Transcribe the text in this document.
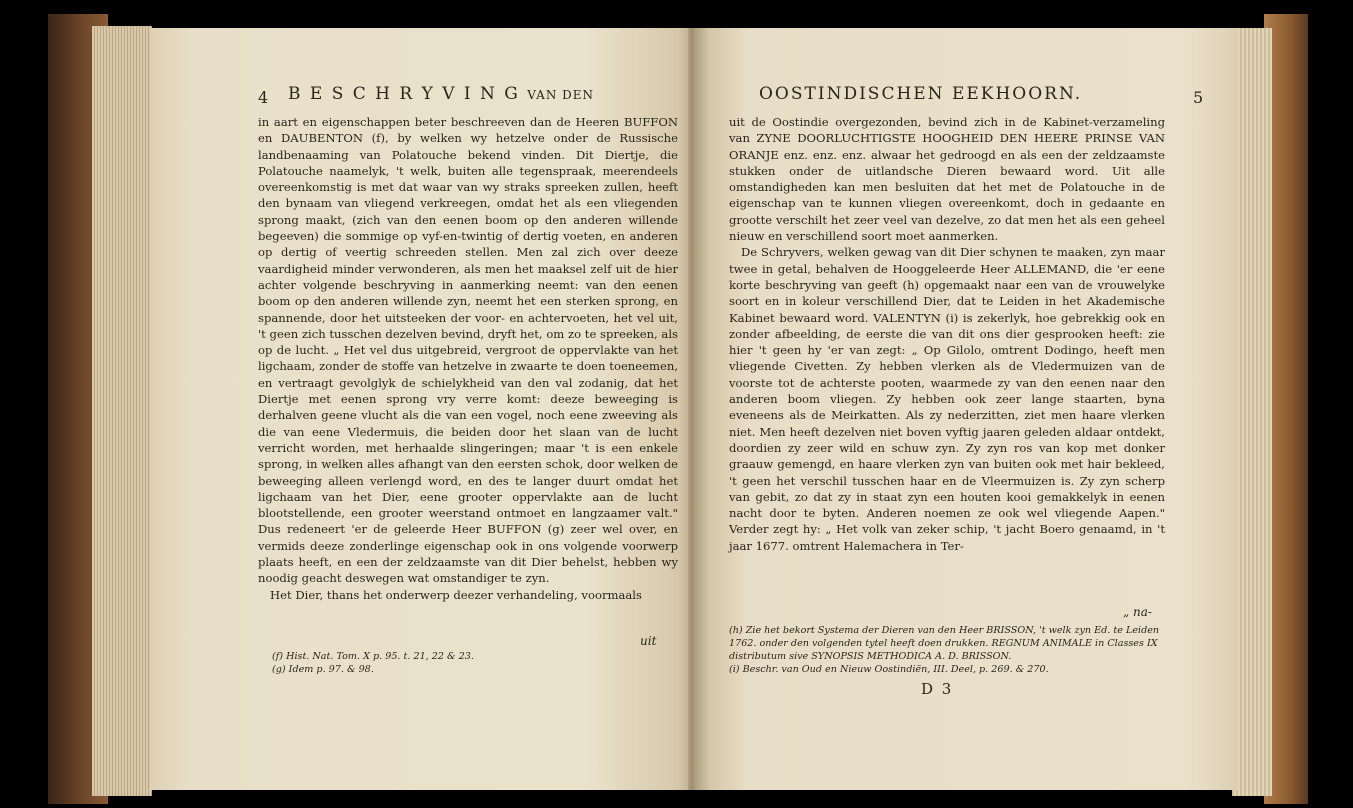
4 B E S C H R Y V I N G VAN DEN

in aart en eigenschappen beter beschreeven dan de Heeren BUFFON en DAUBENTON (f), by welken wy hetzelve onder de Russische landbenaaming van Polatouche bekend vinden. Dit Diertje, die Polatouche naamelyk, 't welk, buiten alle tegenspraak, meerendeels overeenkomstig is met dat waar van wy straks spreeken zullen, heeft den bynaam van vliegend verkreegen, omdat het als een vliegenden sprong maakt, (zich van den eenen boom op den anderen willende begeeven) die sommige op vyf-en-twintig of dertig voeten, en anderen op dertig of veertig schreeden stellen. Men zal zich over deeze vaardigheid minder verwonderen, als men het maaksel zelf uit de hier achter volgende beschryving in aanmerking neemt: van den eenen boom op den anderen willende zyn, neemt het een sterken sprong, en spannende, door het uitsteeken der voor- en achtervoeten, het vel uit, 't geen zich tusschen dezelven bevind, dryft het, om zo te spreeken, als op de lucht. „ Het vel dus uitgebreid, vergroot de oppervlakte van het ligchaam, zonder de stoffe van hetzelve in zwaarte te doen toeneemen, en vertraagt gevolglyk de schielykheid van den val zodanig, dat het Diertje met eenen sprong vry verre komt: deeze beweeging is derhalven geene vlucht als die van een vogel, noch eene zweeving als die van eene Vledermuis, die beiden door het slaan van de lucht verricht worden, met herhaalde slingeringen; maar 't is een enkele sprong, in welken alles afhangt van den eersten schok, door welken de beweeging alleen verlengd word, en des te langer duurt omdat het ligchaam van het Dier, eene grooter oppervlakte aan de lucht blootstellende, een grooter weerstand ontmoet en langzaamer valt." Dus redeneert 'er de geleerde Heer BUFFON (g) zeer wel over, en vermids deeze zonderlinge eigenschap ook in ons volgende voorwerp plaats heeft, en een der zeldzaamste van dit Dier behelst, hebben wy noodig geacht deswegen wat omstandiger te zyn.

Het Dier, thans het onderwerp deezer verhandeling, voormaals

uit
(f) Hist. Nat. Tom. X p. 95. t. 21, 22 & 23.
(g) Idem p. 97. & 98.
OOSTINDISCHEN EEKHOORN.	5

uit de Oostindie overgezonden, bevind zich in de Kabinet-verzameling van ZYNE DOORLUCHTIGSTE HOOGHEID DEN HEERE PRINSE VAN ORANJE enz. enz. enz. alwaar het gedroogd en als een der zeldzaamste stukken onder de uitlandsche Dieren bewaard word. Uit alle omstandigheden kan men besluiten dat het met de Polatouche in de eigenschap van te kunnen vliegen overeenkomt, doch in gedaante en grootte verschilt het zeer veel van dezelve, zo dat men het als een geheel nieuw en verschillend soort moet aanmerken.

De Schryvers, welken gewag van dit Dier schynen te maaken, zyn maar twee in getal, behalven de Hooggeleerde Heer ALLEMAND, die 'er eene korte beschryving van geeft (h) opgemaakt naar een van de vrouwelyke soort en in kolеur verschillend Dier, dat te Leiden in het Akademische Kabinet bewaard word. VALENTYN (i) is zekerlyk, hoe gebrekkig ook en zonder afbeelding, de eerste die van dit ons dier gesprooken heeft: zie hier 't geen hy 'er van zegt: „ Op Gilolo, omtrent Dodingo, heeft men vliegende Civetten. Zy hebben vlerken als de Vledermuizen van de voorste tot de achterste pooten, waarmede zy van den eenen naar den anderen boom vliegen. Zy hebben ook zeer lange staarten, byna eveneens als de Meirkatten. Als zy nederzitten, ziet men haare vlerken niet. Men heeft dezelven niet boven vyftig jaaren geleden aldaar ontdekt, doordien zy zeer wild en schuw zyn. Zy zyn ros van kop met donker graauw gemengd, en haare vlerken zyn van buiten ook met hair bekleed, 't geen het verschil tusschen haar en de Vleermuizen is. Zy zyn scherp van gebit, zo dat zy in staat zyn een houten kooi gemakkelyk in eenen nacht door te byten. Anderen noemen ze ook wel vliegende Aapen." Verder zegt hy: „ Het volk van zeker schip, 't jacht Boero genaamd, in 't jaar 1677. omtrent Halemachera in Ter-

„ na-
(h) Zie het bekort Systema der Dieren van den Heer BRISSON, 't welk zyn Ed. te Leiden 1762. onder den volgenden tytel heeft doen drukken. REGNUM ANIMALE in Classes IX distributum sive SYNOPSIS METHODICA A. D. BRISSON.
(i) Beschr. van Oud en Nieuw Oostindiën, III. Deel, p. 269. & 270.
D 3
